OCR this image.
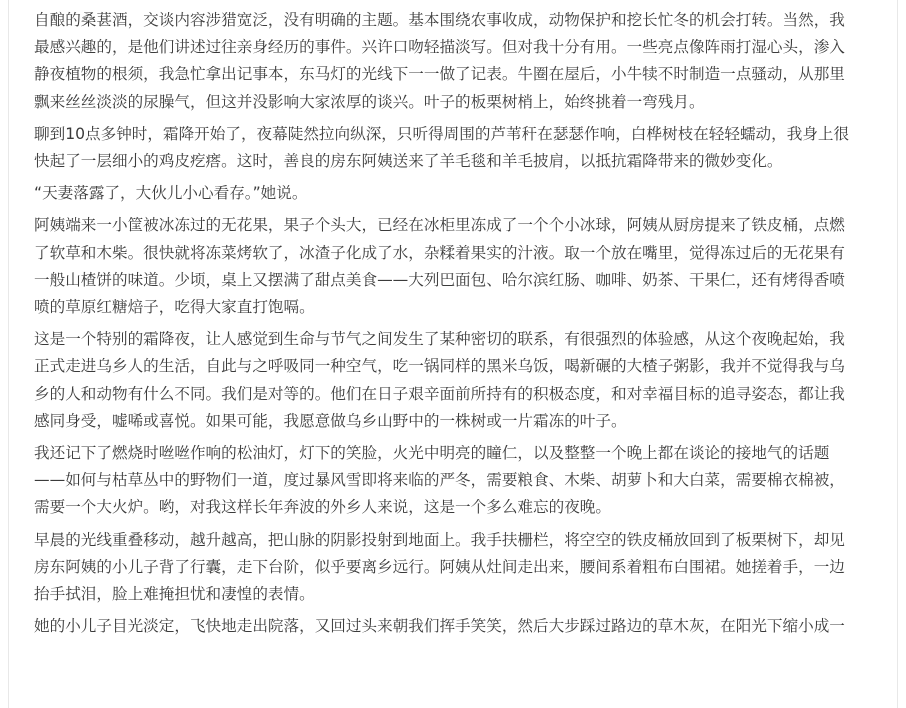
自酿的桑葚酒，交谈内容涉猎宽泛，没有明确的主题。基本围绕农事收成，动物保护和挖长忙冬的机会打转。当然，我

最感兴趣的，是他们讲述过往亲身经历的事件。兴许口吻轻描淡写。但对我十分有用。一些亮点像阵雨打湿心头，渗入

静夜植物的根须，我急忙拿出记事本，东马灯的光线下一一做了记表。牛圈在屋后，小牛犊不时制造一点骚动，从那里

飘来丝丝淡淡的尿臊气，但这并没影响大家浓厚的谈兴。叶子的板栗树梢上，始终挑着一弯残月。

聊到10点多钟时，霜降开始了，夜幕陡然拉向纵深，只听得周围的芦苇秆在瑟瑟作响，白桦树枝在轻轻蠕动，我身上很

快起了一层细小的鸡皮疙瘩。这时，善良的房东阿姨送来了羊毛毯和羊毛披肩，以抵抗霜降带来的微妙变化。

“天妻落露了，大伙儿小心看存。”她说。

阿姨端来一小筐被冰冻过的无花果，果子个头大，已经在冰柜里冻成了一个个小冰球，阿姨从厨房提来了铁皮桶，点燃

了软草和木柴。很快就将冻菜烤软了，冰渣子化成了水，杂糅着果实的汁液。取一个放在嘴里，觉得冻过后的无花果有

一般山楂饼的味道。少顷，桌上又摆满了甜点美食——大列巴面包、哈尔滨红肠、咖啡、奶茶、干果仁，还有烤得香喷

喷的草原红糖焙子，吃得大家直打饱嗝。

这是一个特别的霜降夜，让人感觉到生命与节气之间发生了某种密切的联系，有很强烈的体验感，从这个夜晚起始，我

正式走进乌乡人的生活，自此与之呼吸同一种空气，吃一锅同样的黑米乌饭，喝新碾的大楂子粥影，我并不觉得我与乌

乡的人和动物有什么不同。我们是对等的。他们在日子艰辛面前所持有的积极态度，和对幸福目标的追寻姿态，都让我

感同身受，嘘唏或喜悦。如果可能，我愿意做乌乡山野中的一株树或一片霜冻的叶子。

我还记下了燃烧时咝咝作响的松油灯，灯下的笑脸，火光中明亮的瞳仁，以及整整一个晚上都在谈论的接地气的话题

——如何与枯草丛中的野物们一道，度过暴风雪即将来临的严冬，需要粮食、木柴、胡萝卜和大白菜，需要棉衣棉被，

需要一个大火炉。哟，对我这样长年奔波的外乡人来说，这是一个多么难忘的夜晚。

早晨的光线重叠移动，越升越高，把山脉的阴影投射到地面上。我手扶栅栏，将空空的铁皮桶放回到了板栗树下，却见

房东阿姨的小儿子背了行囊，走下台阶，似乎要离乡远行。阿姨从灶间走出来，腰间系着粗布白围裙。她搓着手，一边

抬手拭泪，脸上难掩担忧和凄惶的表情。

她的小儿子目光淡定，飞快地走出院落，又回过头来朝我们挥手笑笑，然后大步踩过路边的草木灰，在阳光下缩小成一
